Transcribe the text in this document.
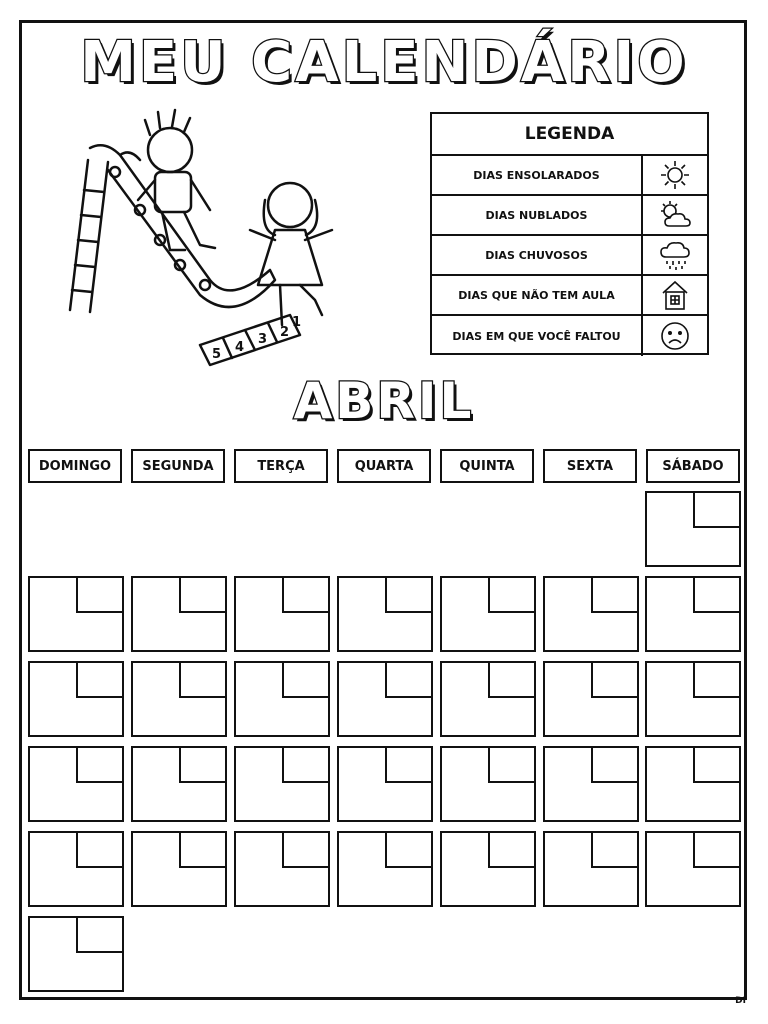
MEU CALENDÁRIO
5 4
3 2
1
LEGENDA
DIAS ENSOLARADOS
DIAS NUBLADOS
DIAS CHUVOSOS
DIAS QUE NÃO TEM AULA
DIAS EM QUE VOCÊ FALTOU
ABRIL
DOMINGO	SEGUNDA	TERÇA	QUARTA	QUINTA	SEXTA	SÁBADO
DI
